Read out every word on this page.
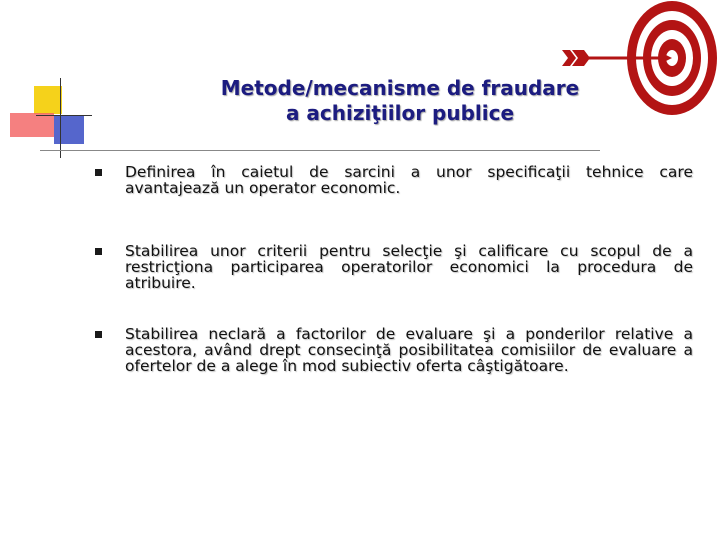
Metode/mecanisme de fraudare
a achiziţiilor publice
Definirea în caietul de sarcini a unor specificaţii tehnice care avantajează un operator economic.
Stabilirea unor criterii pentru selecţie şi calificare cu scopul de a restricţiona participarea operatorilor economici la procedura de atribuire.
Stabilirea neclară a factorilor de evaluare şi a ponderilor relative a acestora, având drept consecinţă posibilitatea comisiilor de evaluare a ofertelor de a alege în mod subiectiv oferta câştigătoare.
